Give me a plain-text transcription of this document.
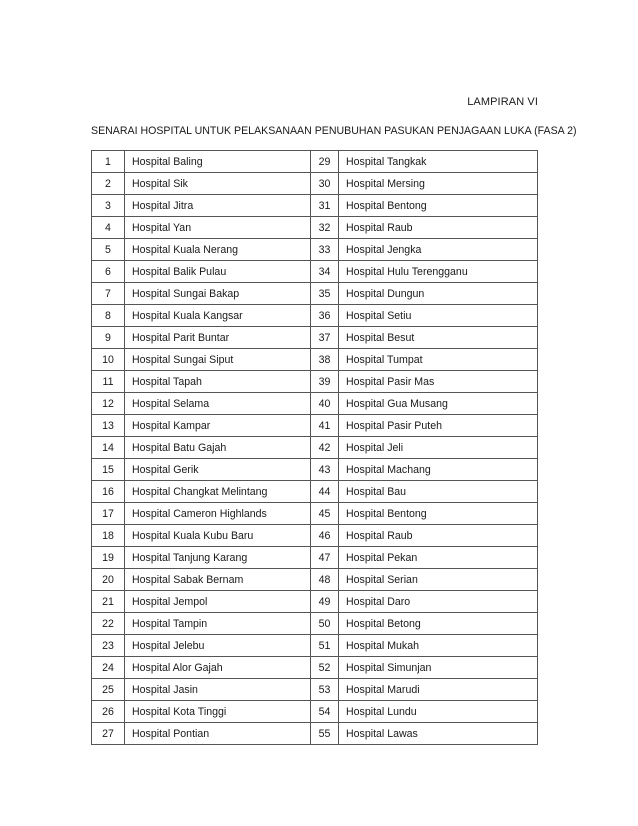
LAMPIRAN VI
SENARAI HOSPITAL UNTUK PELAKSANAAN PENUBUHAN PASUKAN PENJAGAAN LUKA (FASA 2)
1	Hospital Baling	29	Hospital Tangkak
2	Hospital Sik	30	Hospital Mersing
3	Hospital Jitra	31	Hospital Bentong
4	Hospital Yan	32	Hospital Raub
5	Hospital Kuala Nerang	33	Hospital Jengka
6	Hospital Balik Pulau	34	Hospital Hulu Terengganu
7	Hospital Sungai Bakap	35	Hospital Dungun
8	Hospital Kuala Kangsar	36	Hospital Setiu
9	Hospital Parit Buntar	37	Hospital Besut
10	Hospital Sungai Siput	38	Hospital Tumpat
11	Hospital Tapah	39	Hospital Pasir Mas
12	Hospital Selama	40	Hospital Gua Musang
13	Hospital Kampar	41	Hospital Pasir Puteh
14	Hospital Batu Gajah	42	Hospital Jeli
15	Hospital Gerik	43	Hospital Machang
16	Hospital Changkat Melintang	44	Hospital Bau
17	Hospital Cameron Highlands	45	Hospital Bentong
18	Hospital Kuala Kubu Baru	46	Hospital Raub
19	Hospital Tanjung Karang	47	Hospital Pekan
20	Hospital Sabak Bernam	48	Hospital Serian
21	Hospital Jempol	49	Hospital Daro
22	Hospital Tampin	50	Hospital Betong
23	Hospital Jelebu	51	Hospital Mukah
24	Hospital Alor Gajah	52	Hospital Simunjan
25	Hospital Jasin	53	Hospital Marudi
26	Hospital Kota Tinggi	54	Hospital Lundu
27	Hospital Pontian	55	Hospital Lawas
